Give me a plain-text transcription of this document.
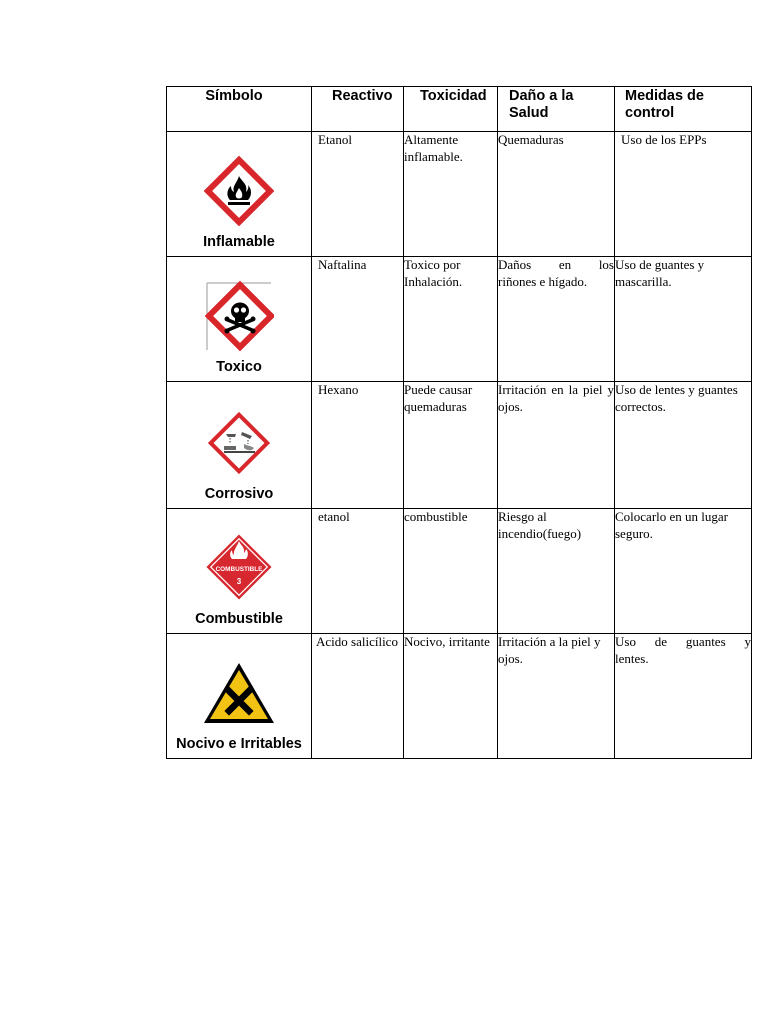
Símbolo	Reactivo	Toxicidad	Daño a la
Salud	Medidas de
control

Inflamable	Etanol	Altamente inflamable.	Quemaduras	Uso de los EPPs

Toxico	Naftalina	Toxico por Inhalación.	Daños en los
riñones e hígado.	Uso de guantes y mascarilla.

Corrosivo	Hexano	Puede causar quemaduras	Irritación en la piel y ojos.	Uso de lentes y guantes correctos.

COMBUSTIBLE
3
Combustible	etanol	combustible	Riesgo al incendio(fuego)	Colocarlo en un lugar seguro.

Nocivo e Irritables	Acido salicílico	Nocivo, irritante	Irritación a la piel y ojos.	Uso de guantes y
lentes.
